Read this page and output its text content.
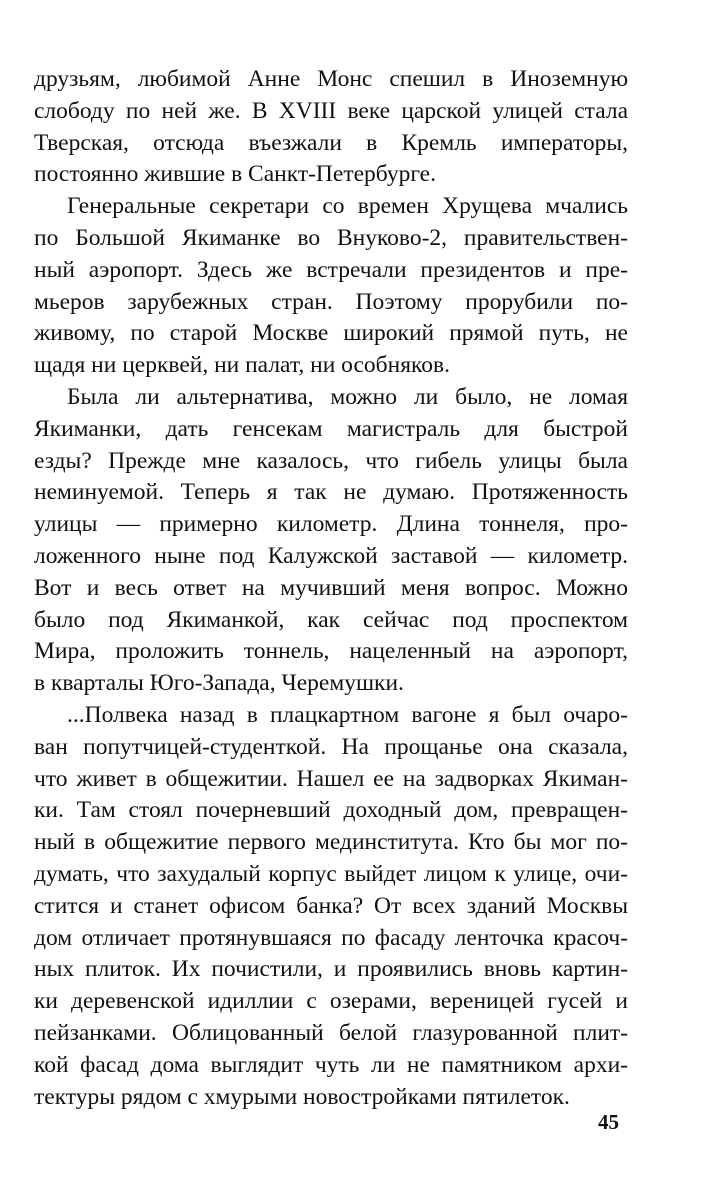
друзьям, любимой Анне Монс спешил в Иноземную
слободу по ней же. В XVIII веке царской улицей стала
Тверская, отсюда въезжали в Кремль императоры,
постоянно жившие в Санкт-Петербурге.
Генеральные секретари со времен Хрущева мчались
по Большой Якиманке во Внуково-2, правительствен-
ный аэропорт. Здесь же встречали президентов и пре-
мьеров зарубежных стран. Поэтому прорубили по-
живому, по старой Москве широкий прямой путь, не
щадя ни церквей, ни палат, ни особняков.
Была ли альтернатива, можно ли было, не ломая
Якиманки, дать генсекам магистраль для быстрой
езды? Прежде мне казалось, что гибель улицы была
неминуемой. Теперь я так не думаю. Протяженность
улицы — примерно километр. Длина тоннеля, про-
ложенного ныне под Калужской заставой — километр.
Вот и весь ответ на мучивший меня вопрос. Можно
было под Якиманкой, как сейчас под проспектом
Мира, проложить тоннель, нацеленный на аэропорт,
в кварталы Юго-Запада, Черемушки.
...Полвека назад в плацкартном вагоне я был очаро-
ван попутчицей-студенткой. На прощанье она сказала,
что живет в общежитии. Нашел ее на задворках Якиман-
ки. Там стоял почерневший доходный дом, превращен-
ный в общежитие первого мединститута. Кто бы мог по-
думать, что захудалый корпус выйдет лицом к улице, очи-
стится и станет офисом банка? От всех зданий Москвы
дом отличает протянувшаяся по фасаду ленточка красоч-
ных плиток. Их почистили, и проявились вновь картин-
ки деревенской идиллии с озерами, вереницей гусей и
пейзанками. Облицованный белой глазурованной плит-
кой фасад дома выглядит чуть ли не памятником архи-
тектуры рядом с хмурыми новостройками пятилеток.
45
